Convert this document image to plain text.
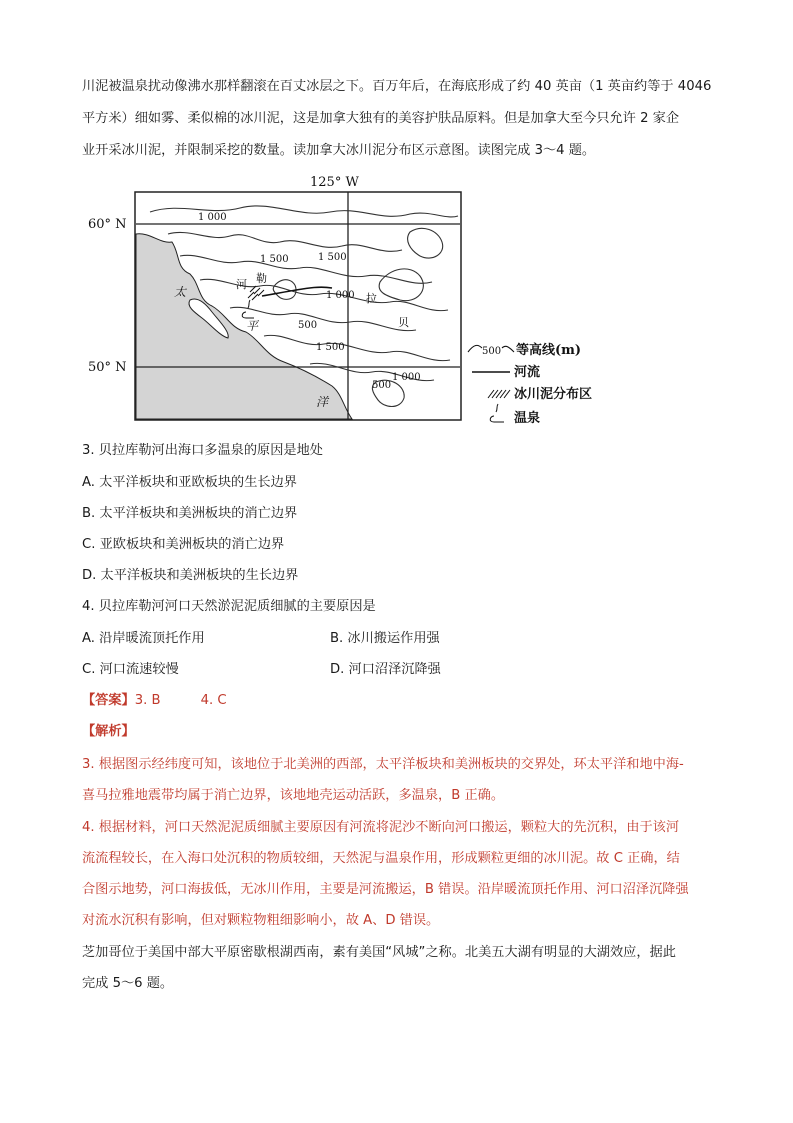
川泥被温泉扰动像沸水那样翻滚在百丈冰层之下。百万年后，在海底形成了约 40 英亩（1 英亩约等于 4046
平方米）细如雾、柔似棉的冰川泥，这是加拿大独有的美容护肤品原料。但是加拿大至今只允许 2 家企
业开采冰川泥，并限制采挖的数量。读加拿大冰川泥分布区示意图。读图完成 3～4 题。
125° W
60° N
50° N
1 000
1 500	1 500
1 000
500
1 500
500
1 000
贝
拉
勒
河
太
平
洋
500 等高线(m)
河流
冰川泥分布区
温泉
3. 贝拉库勒河出海口多温泉的原因是地处
A. 太平洋板块和亚欧板块的生长边界
B. 太平洋板块和美洲板块的消亡边界
C. 亚欧板块和美洲板块的消亡边界
D. 太平洋板块和美洲板块的生长边界
4. 贝拉库勒河河口天然淤泥泥质细腻的主要原因是
A. 沿岸暖流顶托作用	B. 冰川搬运作用强
C. 河口流速较慢	D. 河口沼泽沉降强
【答案】3. B	4. C
【解析】
3. 根据图示经纬度可知，该地位于北美洲的西部，太平洋板块和美洲板块的交界处，环太平洋和地中海-
喜马拉雅地震带均属于消亡边界，该地地壳运动活跃，多温泉，B 正确。
4. 根据材料，河口天然泥泥质细腻主要原因有河流将泥沙不断向河口搬运，颗粒大的先沉积，由于该河
流流程较长，在入海口处沉积的物质较细，天然泥与温泉作用，形成颗粒更细的冰川泥。故 C 正确，结
合图示地势，河口海拔低，无冰川作用，主要是河流搬运，B 错误。沿岸暖流顶托作用、河口沼泽沉降强
对流水沉积有影响，但对颗粒物粗细影响小，故 A、D 错误。
芝加哥位于美国中部大平原密歇根湖西南，素有美国“风城”之称。北美五大湖有明显的大湖效应，据此
完成 5～6 题。
